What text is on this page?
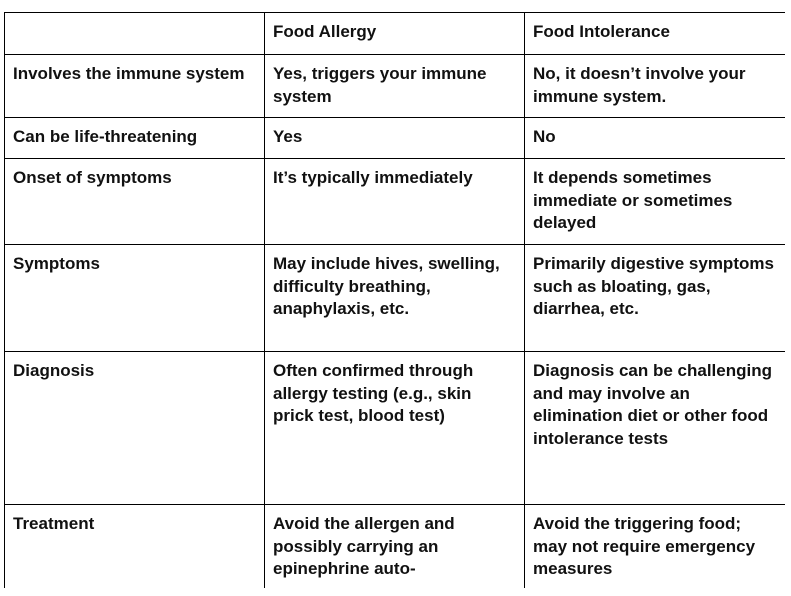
	Food Allergy	Food Intolerance
Involves the immune system	Yes, triggers your immune system	No, it doesn’t involve your immune system.
Can be life-threatening	Yes	No
Onset of symptoms	It’s typically immediately	It depends sometimes immediate or sometimes delayed
Symptoms	May include hives, swelling, difficulty breathing, anaphylaxis, etc.	Primarily digestive symptoms such as bloating, gas, diarrhea, etc.
Diagnosis	Often confirmed through allergy testing (e.g., skin prick test, blood test)	Diagnosis can be challenging and may involve an elimination diet or other food intolerance tests
Treatment	Avoid the allergen and possibly carrying an epinephrine auto-	Avoid the triggering food; may not require emergency measures
